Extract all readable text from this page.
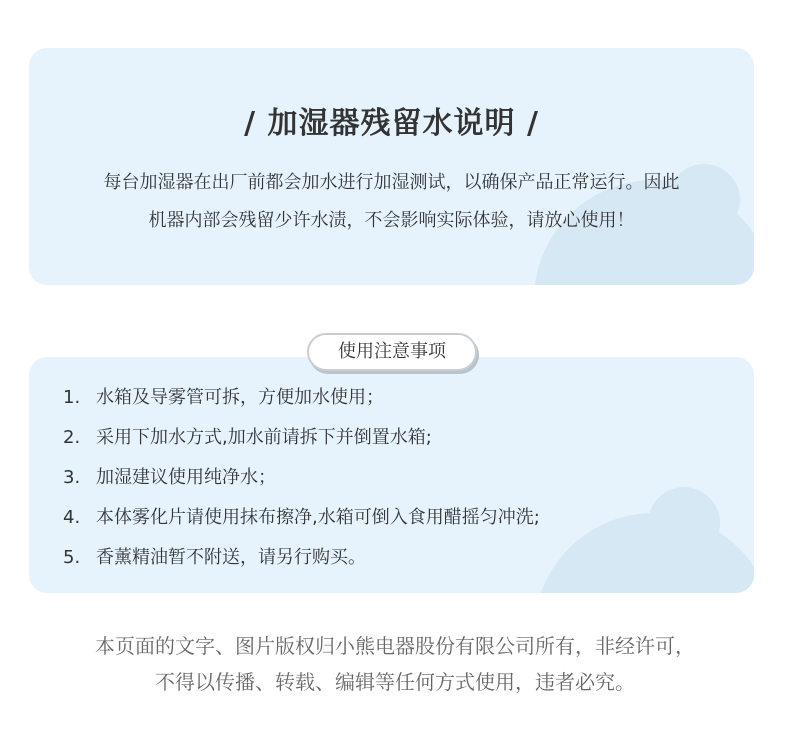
/ 加湿器残留水说明 /

每台加湿器在出厂前都会加水进行加湿测试，以确保产品正常运行。因此

机器内部会残留少许水渍，不会影响实际体验，请放心使用！

使用注意事项
1. 水箱及导雾管可拆，方便加水使用；
2. 采用下加水方式,加水前请拆下并倒置水箱;
3. 加湿建议使用纯净水；
4. 本体雾化片请使用抹布擦净,水箱可倒入食用醋摇匀冲洗;
5. 香薰精油暂不附送，请另行购买。

本页面的文字、图片版权归小熊电器股份有限公司所有，非经许可，

不得以传播、转载、编辑等任何方式使用，违者必究。
